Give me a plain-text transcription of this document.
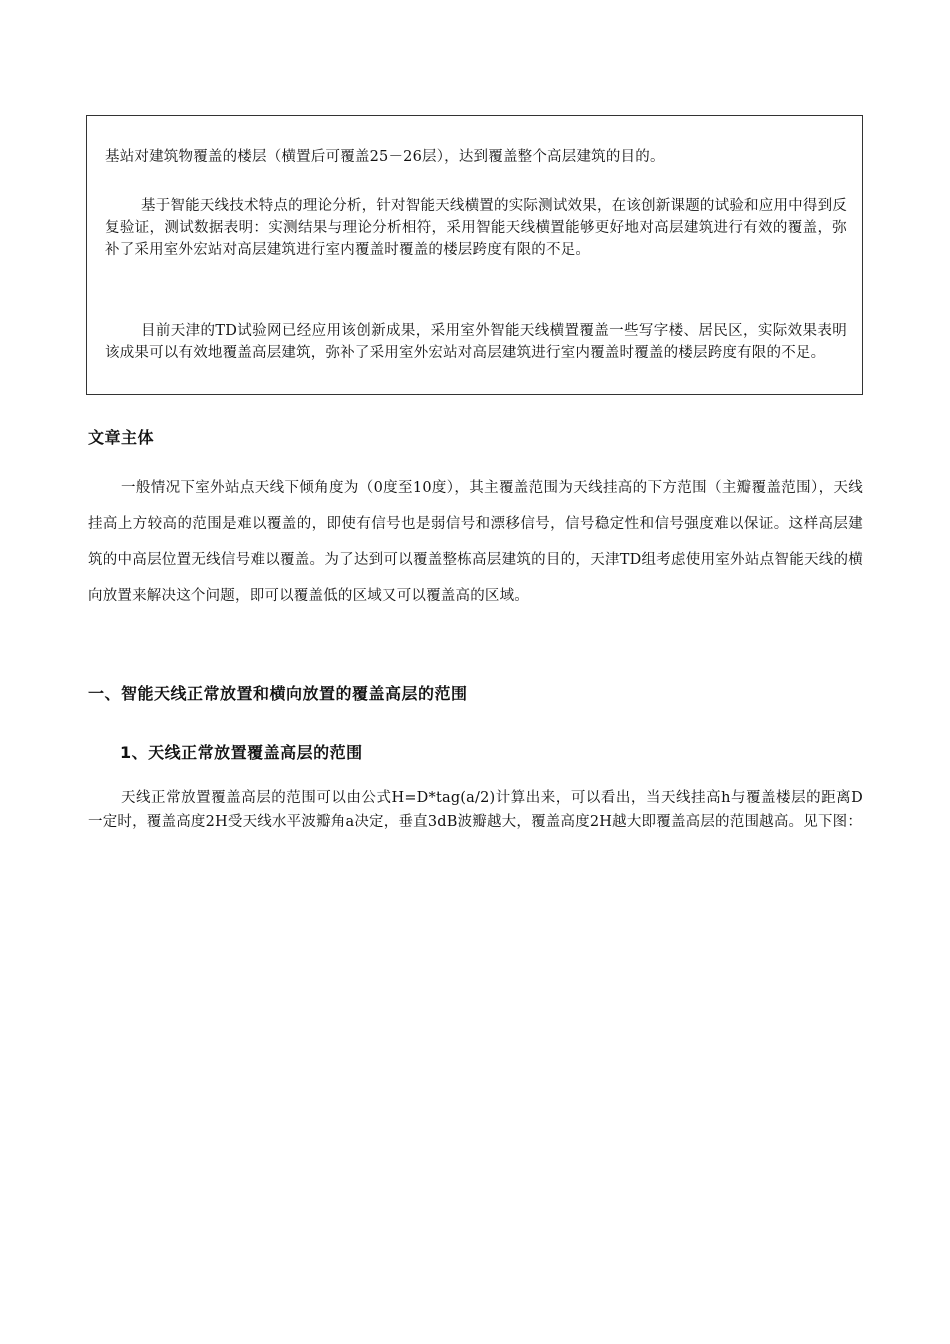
基站对建筑物覆盖的楼层（横置后可覆盖25－26层），达到覆盖整个高层建筑的目的。

基于智能天线技术特点的理论分析，针对智能天线横置的实际测试效果，在该创新课题的试验和应用中得到反复验证，测试数据表明：实测结果与理论分析相符，采用智能天线横置能够更好地对高层建筑进行有效的覆盖，弥补了采用室外宏站对高层建筑进行室内覆盖时覆盖的楼层跨度有限的不足。

目前天津的TD试验网已经应用该创新成果，采用室外智能天线横置覆盖一些写字楼、居民区，实际效果表明该成果可以有效地覆盖高层建筑，弥补了采用室外宏站对高层建筑进行室内覆盖时覆盖的楼层跨度有限的不足。

文章主体

一般情况下室外站点天线下倾角度为（0度至10度），其主覆盖范围为天线挂高的下方范围（主瓣覆盖范围），天线挂高上方较高的范围是难以覆盖的，即使有信号也是弱信号和漂移信号，信号稳定性和信号强度难以保证。这样高层建筑的中高层位置无线信号难以覆盖。为了达到可以覆盖整栋高层建筑的目的，天津TD组考虑使用室外站点智能天线的横向放置来解决这个问题，即可以覆盖低的区域又可以覆盖高的区域。

一、智能天线正常放置和横向放置的覆盖高层的范围
1、天线正常放置覆盖高层的范围

天线正常放置覆盖高层的范围可以由公式H=D*tag(a/2)计算出来，可以看出，当天线挂高h与覆盖楼层的距离D一定时，覆盖高度2H受天线水平波瓣角a决定，垂直3dB波瓣越大，覆盖高度2H越大即覆盖高层的范围越高。见下图：
